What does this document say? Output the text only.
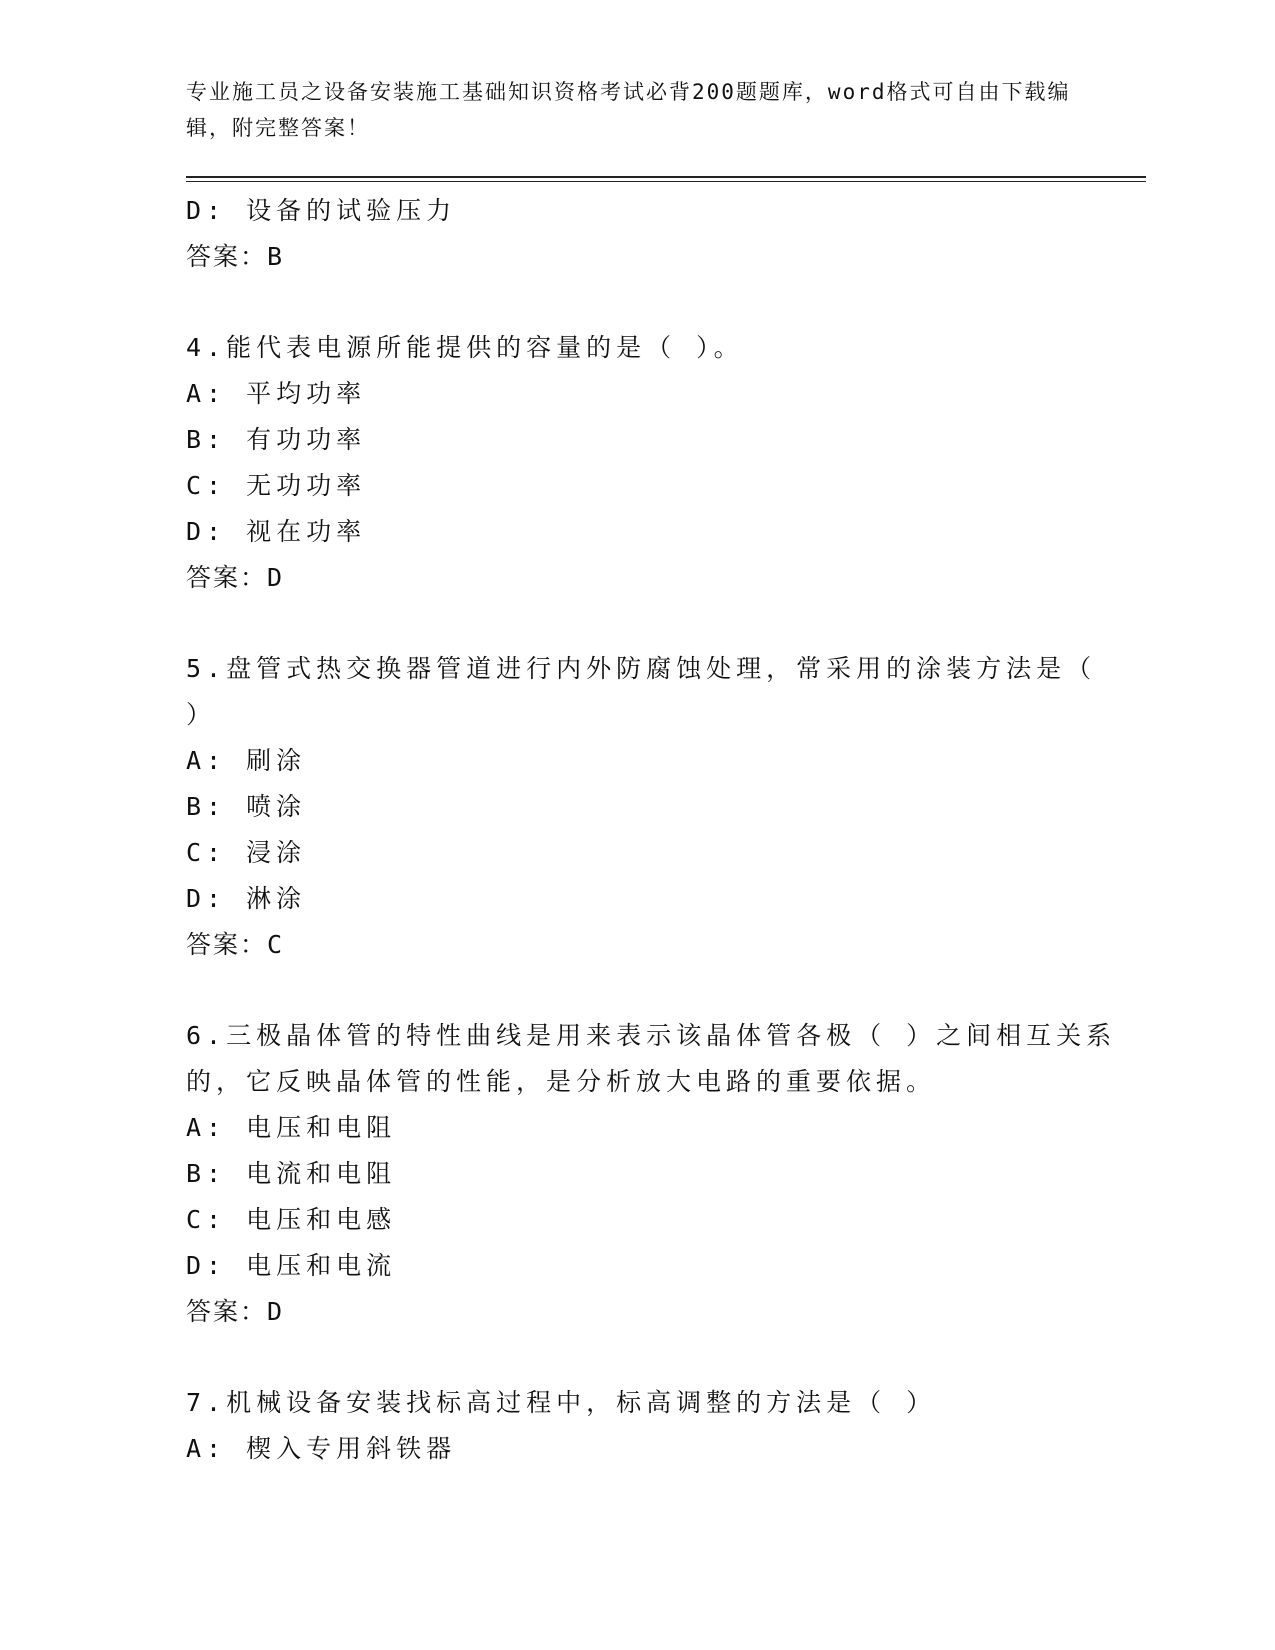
专业施工员之设备安装施工基础知识资格考试必背200题题库，word格式可自由下载编辑，附完整答案！
D: 设备的试验压力
答案：B
4.能代表电源所能提供的容量的是（ ）。
A: 平均功率
B: 有功功率
C: 无功功率
D: 视在功率
答案：D
5.盘管式热交换器管道进行内外防腐蚀处理，常采用的涂装方法是（
）
A: 刷涂
B: 喷涂
C: 浸涂
D: 淋涂
答案：C
6.三极晶体管的特性曲线是用来表示该晶体管各极（ ）之间相互关系
的，它反映晶体管的性能，是分析放大电路的重要依据。
A: 电压和电阻
B: 电流和电阻
C: 电压和电感
D: 电压和电流
答案：D
7.机械设备安装找标高过程中，标高调整的方法是（ ）
A: 楔入专用斜铁器
